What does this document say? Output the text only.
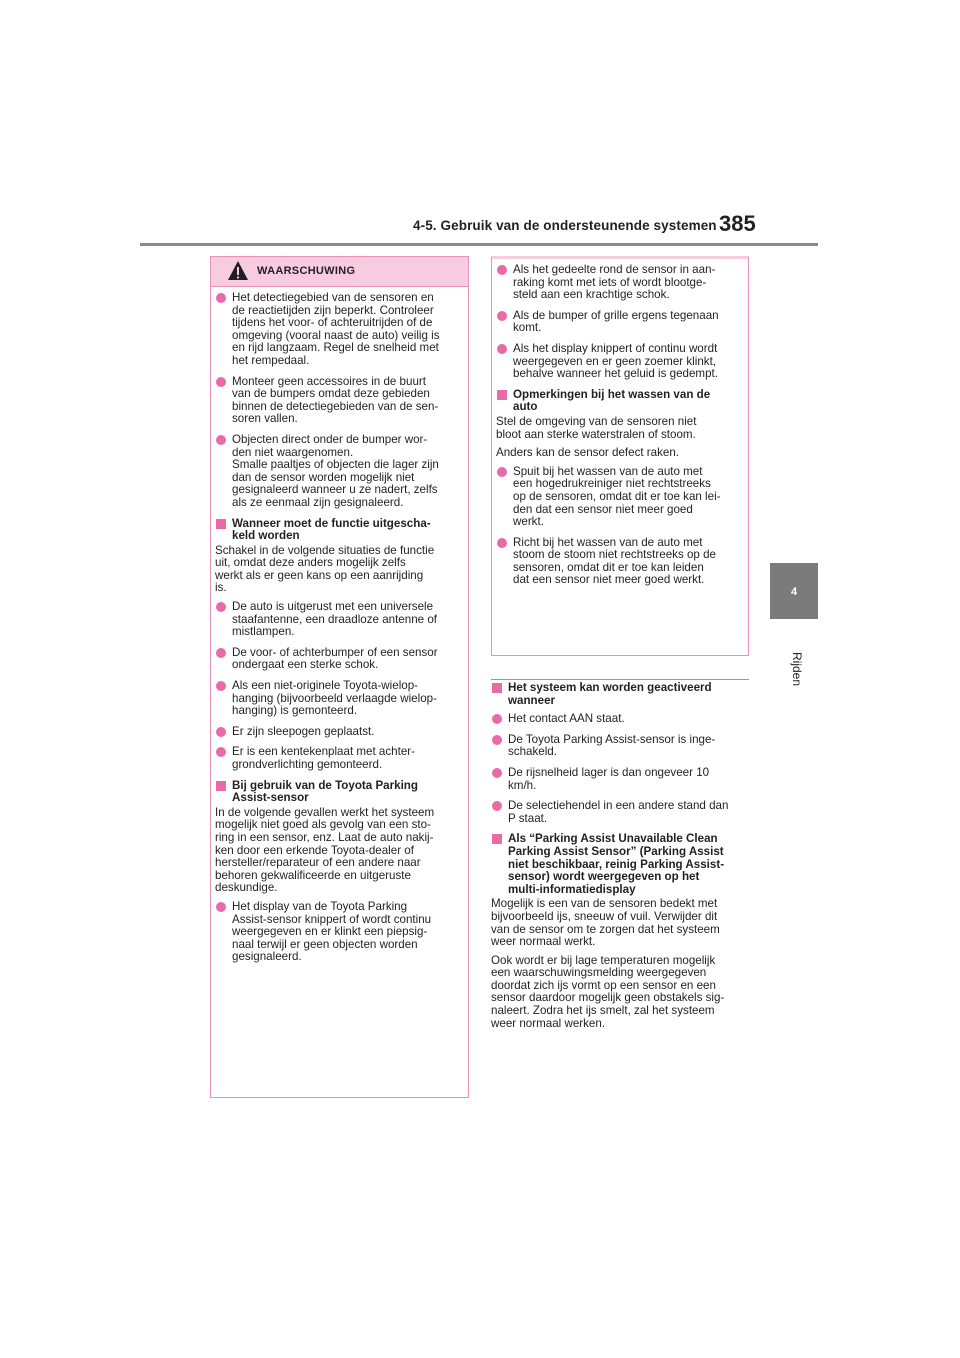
4-5. Gebruik van de ondersteunende systemen 385
4
Rijden
WAARSCHUWING
Het detectiegebied van de sensoren en
de reactietijden zijn beperkt. Controleer
tijdens het voor- of achteruitrijden of de
omgeving (vooral naast de auto) veilig is
en rijd langzaam. Regel de snelheid met
het rempedaal.
Monteer geen accessoires in de buurt
van de bumpers omdat deze gebieden
binnen de detectiegebieden van de sen-
soren vallen.
Objecten direct onder de bumper wor-
den niet waargenomen.
Smalle paaltjes of objecten die lager zijn
dan de sensor worden mogelijk niet
gesignaleerd wanneer u ze nadert, zelfs
als ze eenmaal zijn gesignaleerd.
Wanneer moet de functie uitgescha-
keld worden
Schakel in de volgende situaties de functie
uit, omdat deze anders mogelijk zelfs
werkt als er geen kans op een aanrijding
is.
De auto is uitgerust met een universele
staafantenne, een draadloze antenne of
mistlampen.
De voor- of achterbumper of een sensor
ondergaat een sterke schok.
Als een niet-originele Toyota-wielop-
hanging (bijvoorbeeld verlaagde wielop-
hanging) is gemonteerd.
Er zijn sleepogen geplaatst.
Er is een kentekenplaat met achter-
grondverlichting gemonteerd.
Bij gebruik van de Toyota Parking
Assist-sensor
In de volgende gevallen werkt het systeem
mogelijk niet goed als gevolg van een sto-
ring in een sensor, enz. Laat de auto nakij-
ken door een erkende Toyota-dealer of
hersteller/reparateur of een andere naar
behoren gekwalificeerde en uitgeruste
deskundige.
Het display van de Toyota Parking
Assist-sensor knippert of wordt continu
weergegeven en er klinkt een piepsig-
naal terwijl er geen objecten worden
gesignaleerd.
Als het gedeelte rond de sensor in aan-
raking komt met iets of wordt blootge-
steld aan een krachtige schok.
Als de bumper of grille ergens tegenaan
komt.
Als het display knippert of continu wordt
weergegeven en er geen zoemer klinkt,
behalve wanneer het geluid is gedempt.
Opmerkingen bij het wassen van de
auto
Stel de omgeving van de sensoren niet
bloot aan sterke waterstralen of stoom.
Anders kan de sensor defect raken.
Spuit bij het wassen van de auto met
een hogedrukreiniger niet rechtstreeks
op de sensoren, omdat dit er toe kan lei-
den dat een sensor niet meer goed
werkt.
Richt bij het wassen van de auto met
stoom de stoom niet rechtstreeks op de
sensoren, omdat dit er toe kan leiden
dat een sensor niet meer goed werkt.
Het systeem kan worden geactiveerd
wanneer
Het contact AAN staat.
De Toyota Parking Assist-sensor is inge-
schakeld.
De rijsnelheid lager is dan ongeveer 10
km/h.
De selectiehendel in een andere stand dan
P staat.
Als “Parking Assist Unavailable Clean
Parking Assist Sensor” (Parking Assist
niet beschikbaar, reinig Parking Assist-
sensor) wordt weergegeven op het
multi-informatiedisplay
Mogelijk is een van de sensoren bedekt met
bijvoorbeeld ijs, sneeuw of vuil. Verwijder dit
van de sensor om te zorgen dat het systeem
weer normaal werkt.
Ook wordt er bij lage temperaturen mogelijk
een waarschuwingsmelding weergegeven
doordat zich ijs vormt op een sensor en een
sensor daardoor mogelijk geen obstakels sig-
naleert. Zodra het ijs smelt, zal het systeem
weer normaal werken.
